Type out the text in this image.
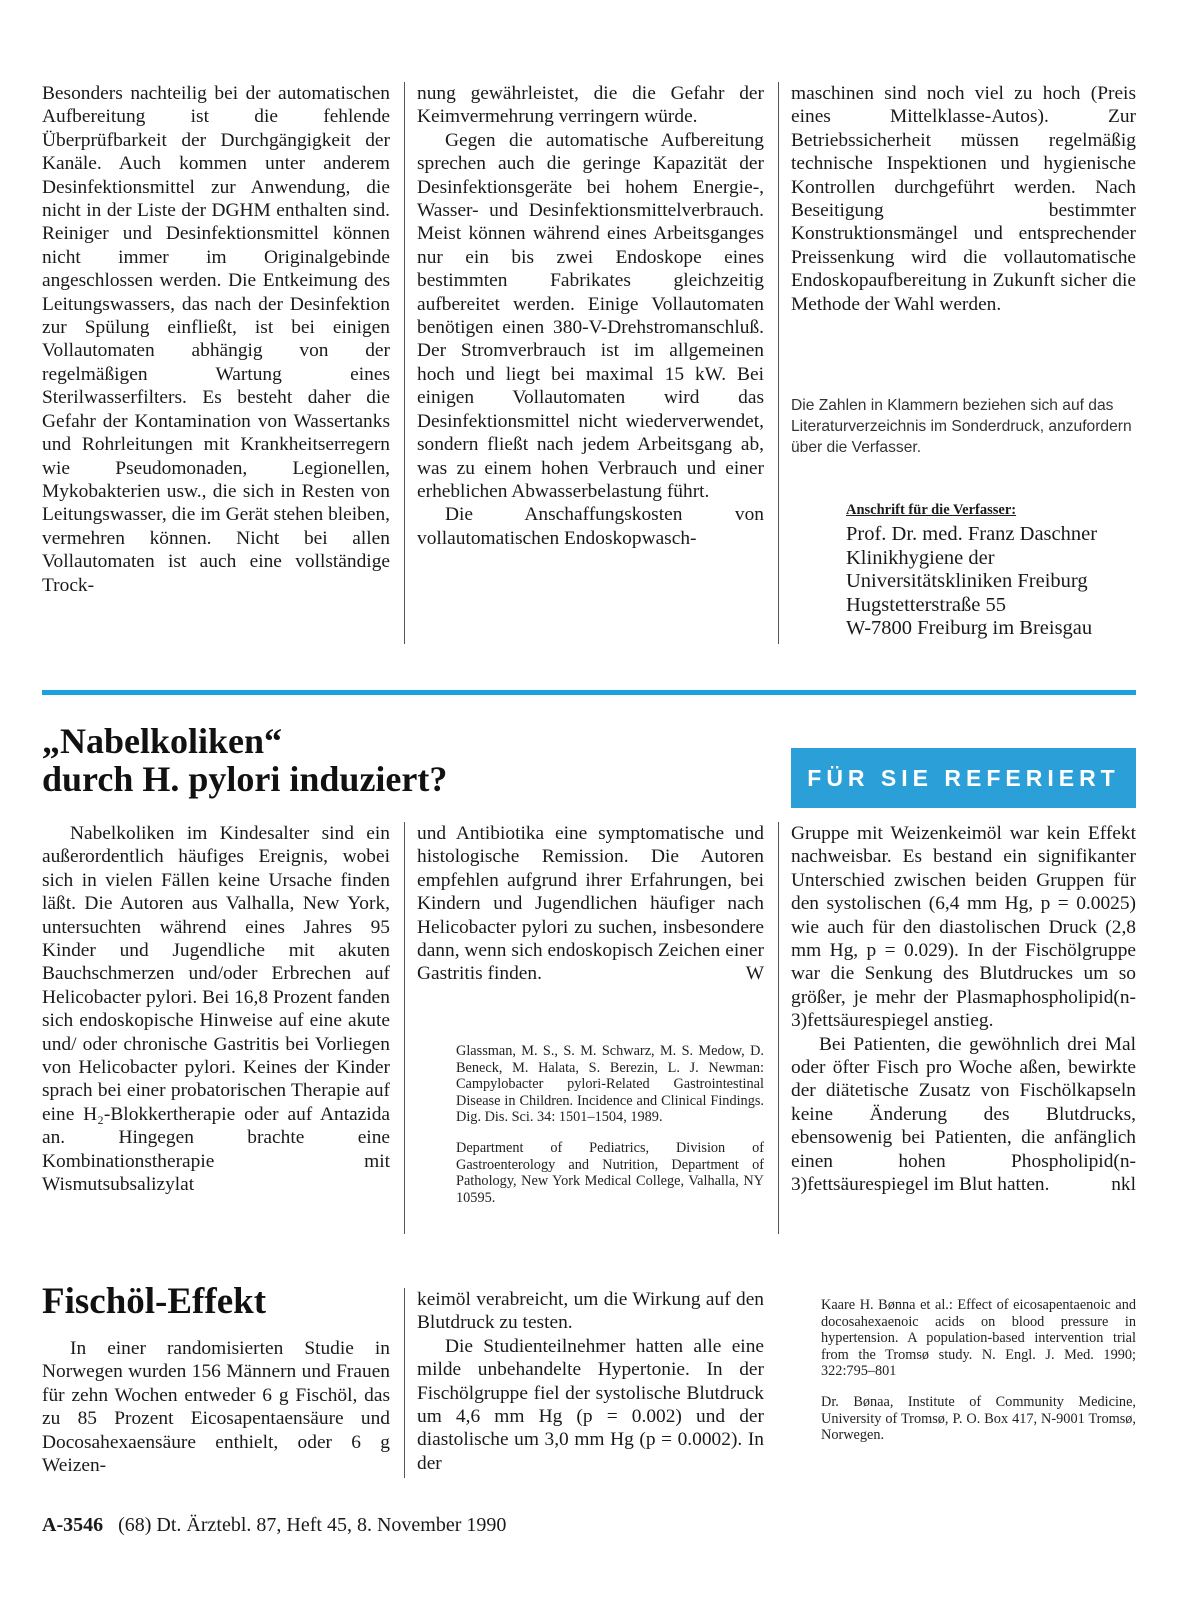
Besonders nachteilig bei der automatischen Aufbereitung ist die fehlende Überprüfbarkeit der Durchgängigkeit der Kanäle. Auch kommen unter anderem Desinfektionsmittel zur Anwendung, die nicht in der Liste der DGHM enthalten sind. Reiniger und Desinfektionsmittel können nicht immer im Originalgebinde angeschlossen werden. Die Entkeimung des Leitungswassers, das nach der Desinfektion zur Spülung einfließt, ist bei einigen Vollautomaten abhängig von der regelmäßigen Wartung eines Sterilwasserfilters. Es besteht daher die Gefahr der Kontamination von Wassertanks und Rohrleitungen mit Krankheitserregern wie Pseudomonaden, Legionellen, Mykobakterien usw., die sich in Resten von Leitungswasser, die im Gerät stehen bleiben, vermehren können. Nicht bei allen Vollautomaten ist auch eine vollständige Trock-

nung gewährleistet, die die Gefahr der Keimvermehrung verringern würde.

Gegen die automatische Aufbereitung sprechen auch die geringe Kapazität der Desinfektionsgeräte bei hohem Energie-, Wasser- und Desinfektionsmittelverbrauch. Meist können während eines Arbeitsganges nur ein bis zwei Endoskope eines bestimmten Fabrikates gleichzeitig aufbereitet werden. Einige Vollautomaten benötigen einen 380-V-Drehstromanschluß. Der Stromverbrauch ist im allgemeinen hoch und liegt bei maximal 15 kW. Bei einigen Vollautomaten wird das Desinfektionsmittel nicht wiederverwendet, sondern fließt nach jedem Arbeitsgang ab, was zu einem hohen Verbrauch und einer erheblichen Abwasserbelastung führt.

Die Anschaffungskosten von vollautomatischen Endoskopwasch-

maschinen sind noch viel zu hoch (Preis eines Mittelklasse-Autos). Zur Betriebssicherheit müssen regelmäßig technische Inspektionen und hygienische Kontrollen durchgeführt werden. Nach Beseitigung bestimmter Konstruktionsmängel und entsprechender Preissenkung wird die vollautomatische Endoskopaufbereitung in Zukunft sicher die Methode der Wahl werden.

Die Zahlen in Klammern beziehen sich auf das Literaturverzeichnis im Sonderdruck, anzufordern über die Verfasser.
Anschrift für die Verfasser:
Prof. Dr. med. Franz Daschner
Klinikhygiene der
Universitätskliniken Freiburg
Hugstetterstraße 55
W-7800 Freiburg im Breisgau
„Nabelkoliken“
durch H. pylori induziert?	FÜR SIE REFERIERT

Nabelkoliken im Kindesalter sind ein außerordentlich häufiges Ereignis, wobei sich in vielen Fällen keine Ursache finden läßt. Die Autoren aus Valhalla, New York, untersuchten während eines Jahres 95 Kinder und Jugendliche mit akuten Bauchschmerzen und/oder Erbrechen auf Helicobacter pylori. Bei 16,8 Prozent fanden sich endoskopische Hinweise auf eine akute und/ oder chronische Gastritis bei Vorliegen von Helicobacter pylori. Keines der Kinder sprach bei einer probatorischen Therapie auf eine H₂-Blokkertherapie oder auf Antazida an. Hingegen brachte eine Kombinationstherapie mit Wismutsubsalizylat

und Antibiotika eine symptomatische und histologische Remission. Die Autoren empfehlen aufgrund ihrer Erfahrungen, bei Kindern und Jugendlichen häufiger nach Helicobacter pylori zu suchen, insbesondere dann, wenn sich endoskopisch Zeichen einer Gastritis finden.	W

Glassman, M. S., S. M. Schwarz, M. S. Medow, D. Beneck, M. Halata, S. Berezin, L. J. Newman: Campylobacter pylori-Related Gastrointestinal Disease in Children. Incidence and Clinical Findings. Dig. Dis. Sci. 34: 1501–1504, 1989.

Department of Pediatrics, Division of Gastroenterology and Nutrition, Department of Pathology, New York Medical College, Valhalla, NY 10595.

Gruppe mit Weizenkeimöl war kein Effekt nachweisbar. Es bestand ein signifikanter Unterschied zwischen beiden Gruppen für den systolischen (6,4 mm Hg, p = 0.0025) wie auch für den diastolischen Druck (2,8 mm Hg, p = 0.029). In der Fischölgruppe war die Senkung des Blutdruckes um so größer, je mehr der Plasmaphospholipid(n-3)fettsäurespiegel anstieg.

Bei Patienten, die gewöhnlich drei Mal oder öfter Fisch pro Woche aßen, bewirkte der diätetische Zusatz von Fischölkapseln keine Änderung des Blutdrucks, ebensowenig bei Patienten, die anfänglich einen hohen Phospholipid(n-3)fettsäurespiegel im Blut hatten.	nkl

Fischöl-Effekt

In einer randomisierten Studie in Norwegen wurden 156 Männern und Frauen für zehn Wochen entweder 6 g Fischöl, das zu 85 Prozent Eicosapentaensäure und Docosahexaensäure enthielt, oder 6 g Weizen-

keimöl verabreicht, um die Wirkung auf den Blutdruck zu testen.

Die Studienteilnehmer hatten alle eine milde unbehandelte Hypertonie. In der Fischölgruppe fiel der systolische Blutdruck um 4,6 mm Hg (p = 0.002) und der diastolische um 3,0 mm Hg (p = 0.0002). In der

Kaare H. Bønna et al.: Effect of eicosapentaenoic and docosahexaenoic acids on blood pressure in hypertension. A population-based intervention trial from the Tromsø study. N. Engl. J. Med. 1990; 322:795–801

Dr. Bønaa, Institute of Community Medicine, University of Tromsø, P. O. Box 417, N-9001 Tromsø, Norwegen.

A-3546 (68) Dt. Ärztebl. 87, Heft 45, 8. November 1990
